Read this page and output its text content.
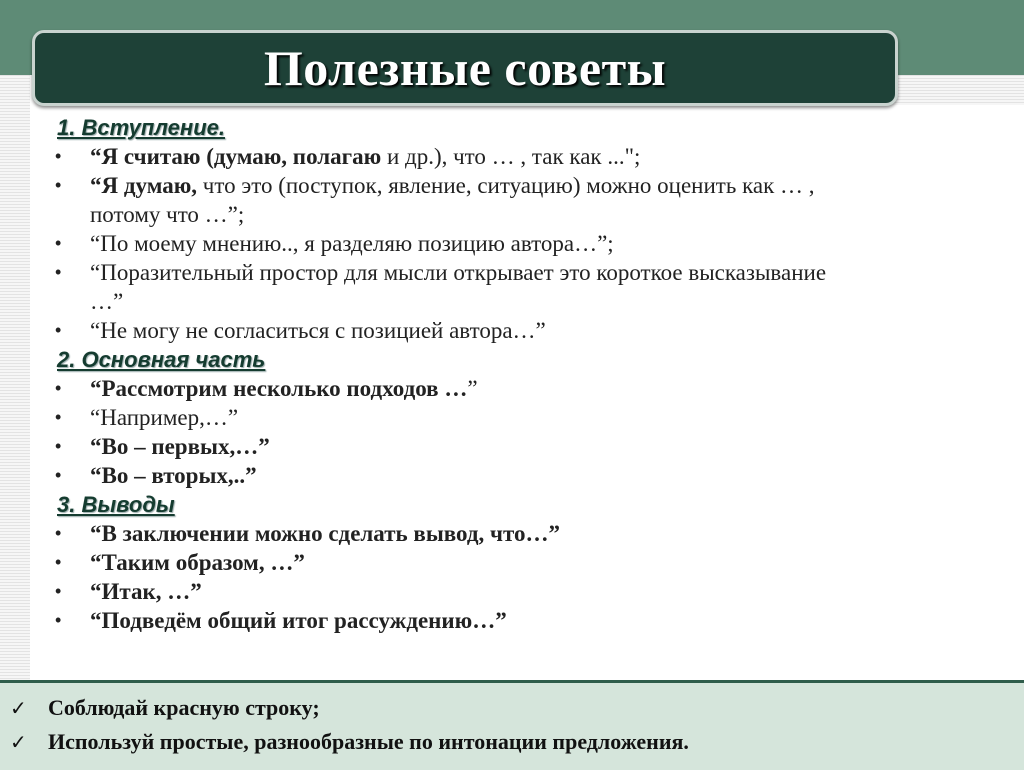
Полезные советы
1. Вступление.
•	“Я считаю (думаю, полагаю и др.), что … , так как ...";
•	“Я думаю, что это (поступок, явление, ситуацию) можно оценить как … ,
потому что …”;
•	“По моему мнению.., я разделяю позицию автора…”;
•	“Поразительный простор для мысли открывает это короткое высказывание
…”
•	“Не могу не согласиться с позицией автора…”
2. Основная часть
•	“Рассмотрим несколько подходов …”
•	“Например,…”
•	“Во – первых,…”
•	“Во – вторых,..”
3. Выводы
•	“В заключении можно сделать вывод, что…”
•	“Таким образом, …”
•	“Итак, …”
•	“Подведём общий итог рассуждению…”
✓ Соблюдай красную строку;
✓ Используй простые, разнообразные по интонации предложения.
